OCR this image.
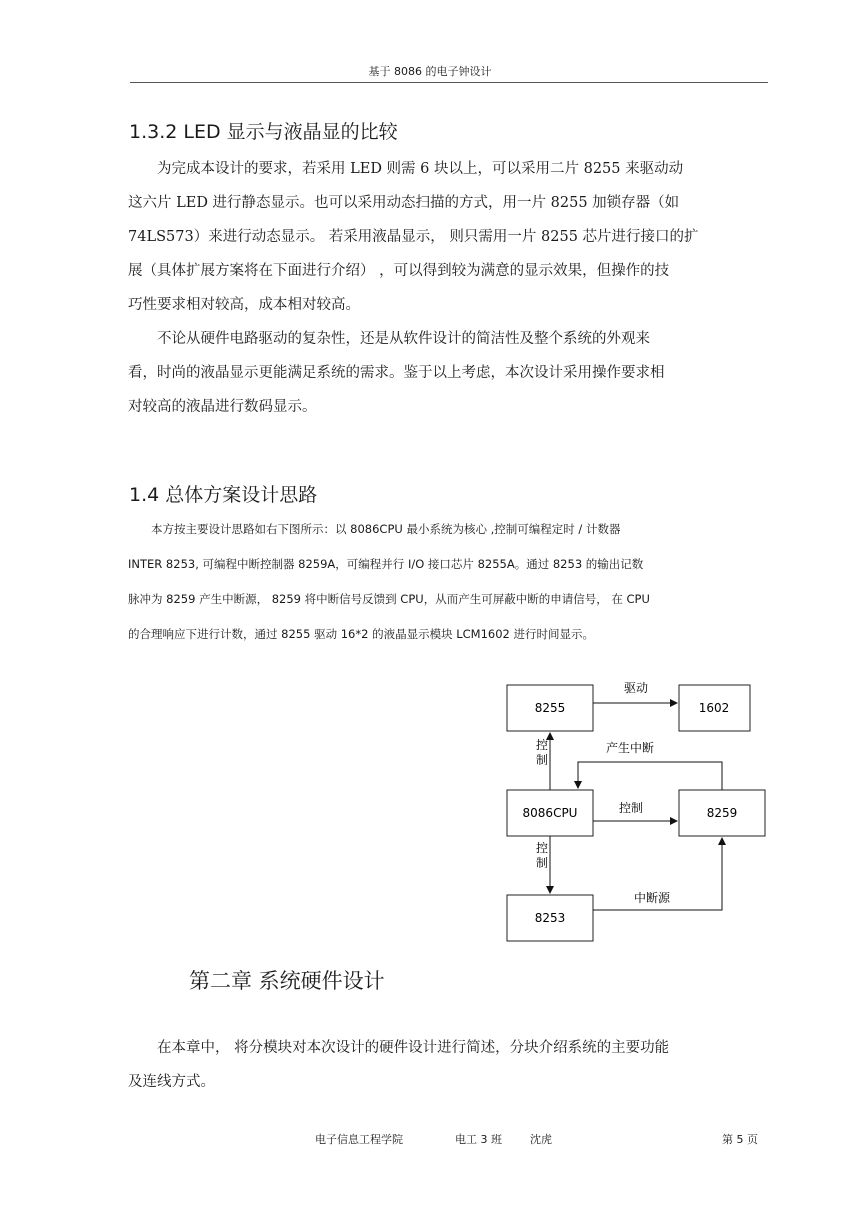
基于 8086 的电子钟设计
1.3.2 LED 显示与液晶显的比较

　　为完成本设计的要求，若采用 LED 则需 6 块以上，可以采用二片 8255 来驱动动

这六片 LED 进行静态显示。也可以采用动态扫描的方式，用一片 8255 加锁存器（如

74LS573）来进行动态显示。 若采用液晶显示， 则只需用一片 8255 芯片进行接口的扩

展（具体扩展方案将在下面进行介绍） ，可以得到较为满意的显示效果，但操作的技

巧性要求相对较高，成本相对较高。

　　不论从硬件电路驱动的复杂性，还是从软件设计的简洁性及整个系统的外观来

看，时尚的液晶显示更能满足系统的需求。鉴于以上考虑，本次设计采用操作要求相

对较高的液晶进行数码显示。

1.4 总体方案设计思路

　　本方按主要设计思路如右下图所示：以 8086CPU 最小系统为核心 ,控制可编程定时 / 计数器

INTER 8253, 可编程中断控制器 8259A，可编程并行 I/O 接口芯片 8255A。通过 8253 的输出记数

脉冲为 8259 产生中断源， 8259 将中断信号反馈到 CPU，从而产生可屏蔽中断的申请信号， 在 CPU

的合理响应下进行计数，通过 8255 驱动 16*2 的液晶显示模块 LCM1602 进行时间显示。

8255	1602
8086CPU	8259
8253
驱动
控
制
产生中断
控制
控
制
中断源
第二章 系统硬件设计

　　在本章中， 将分模块对本次设计的硬件设计进行简述，分块介绍系统的主要功能

及连线方式。

电子信息工程学院	电工 3 班	沈虎	第 5 页
